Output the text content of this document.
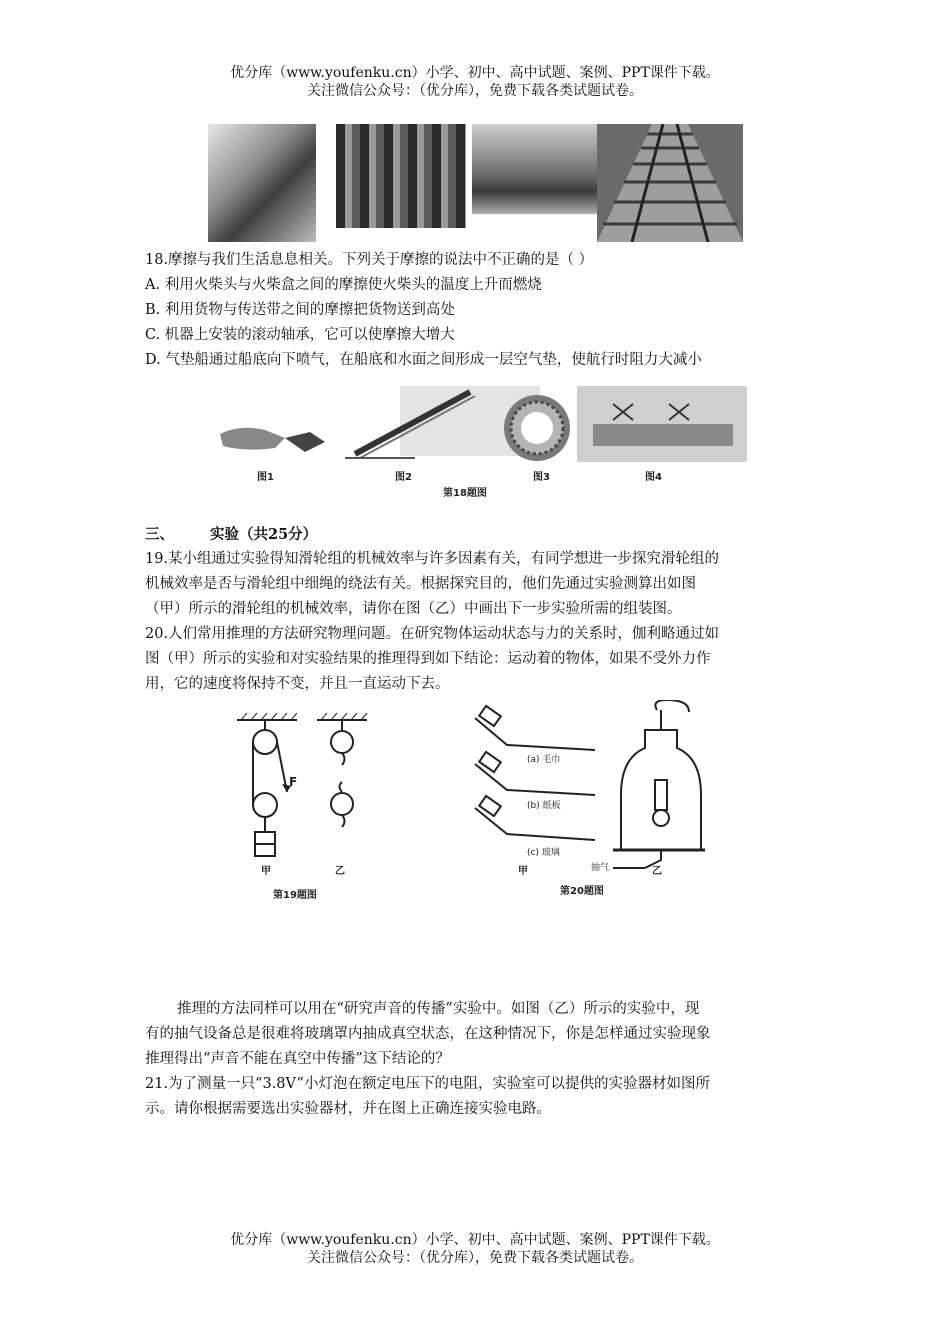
优分库（www.youfenku.cn）小学、初中、高中试题、案例、PPT课件下载。
关注微信公众号：（优分库），免费下载各类试题试卷。
18.摩擦与我们生活息息相关。下列关于摩擦的说法中不正确的是（ ）
A. 利用火柴头与火柴盒之间的摩擦使火柴头的温度上升而燃烧
B. 利用货物与传送带之间的摩擦把货物送到高处
C. 机器上安装的滚动轴承，它可以使摩擦大增大
D. 气垫船通过船底向下喷气，在船底和水面之间形成一层空气垫，使航行时阻力大减小
图1	图2	图3	图4
第18题图
三、 实验（共25分）
19.某小组通过实验得知滑轮组的机械效率与许多因素有关，有同学想进一步探究滑轮组的
机械效率是否与滑轮组中细绳的绕法有关。根据探究目的，他们先通过实验测算出如图
（甲）所示的滑轮组的机械效率，请你在图（乙）中画出下一步实验所需的组装图。
20.人们常用推理的方法研究物理问题。在研究物体运动状态与力的关系时，伽利略通过如
图（甲）所示的实验和对实验结果的推理得到如下结论：运动着的物体，如果不受外力作
用，它的速度将保持不变，并且一直运动下去。
F
甲	乙
第19题图
(a) 毛巾
(b) 纸板
(c) 玻璃
抽气
甲	乙
第20题图
推理的方法同样可以用在“研究声音的传播”实验中。如图（乙）所示的实验中，现
有的抽气设备总是很难将玻璃罩内抽成真空状态，在这种情况下，你是怎样通过实验现象
推理得出“声音不能在真空中传播”这下结论的？
21.为了测量一只“3.8V”小灯泡在额定电压下的电阻，实验室可以提供的实验器材如图所
示。请你根据需要选出实验器材，并在图上正确连接实验电路。
优分库（www.youfenku.cn）小学、初中、高中试题、案例、PPT课件下载。
关注微信公众号：（优分库），免费下载各类试题试卷。
